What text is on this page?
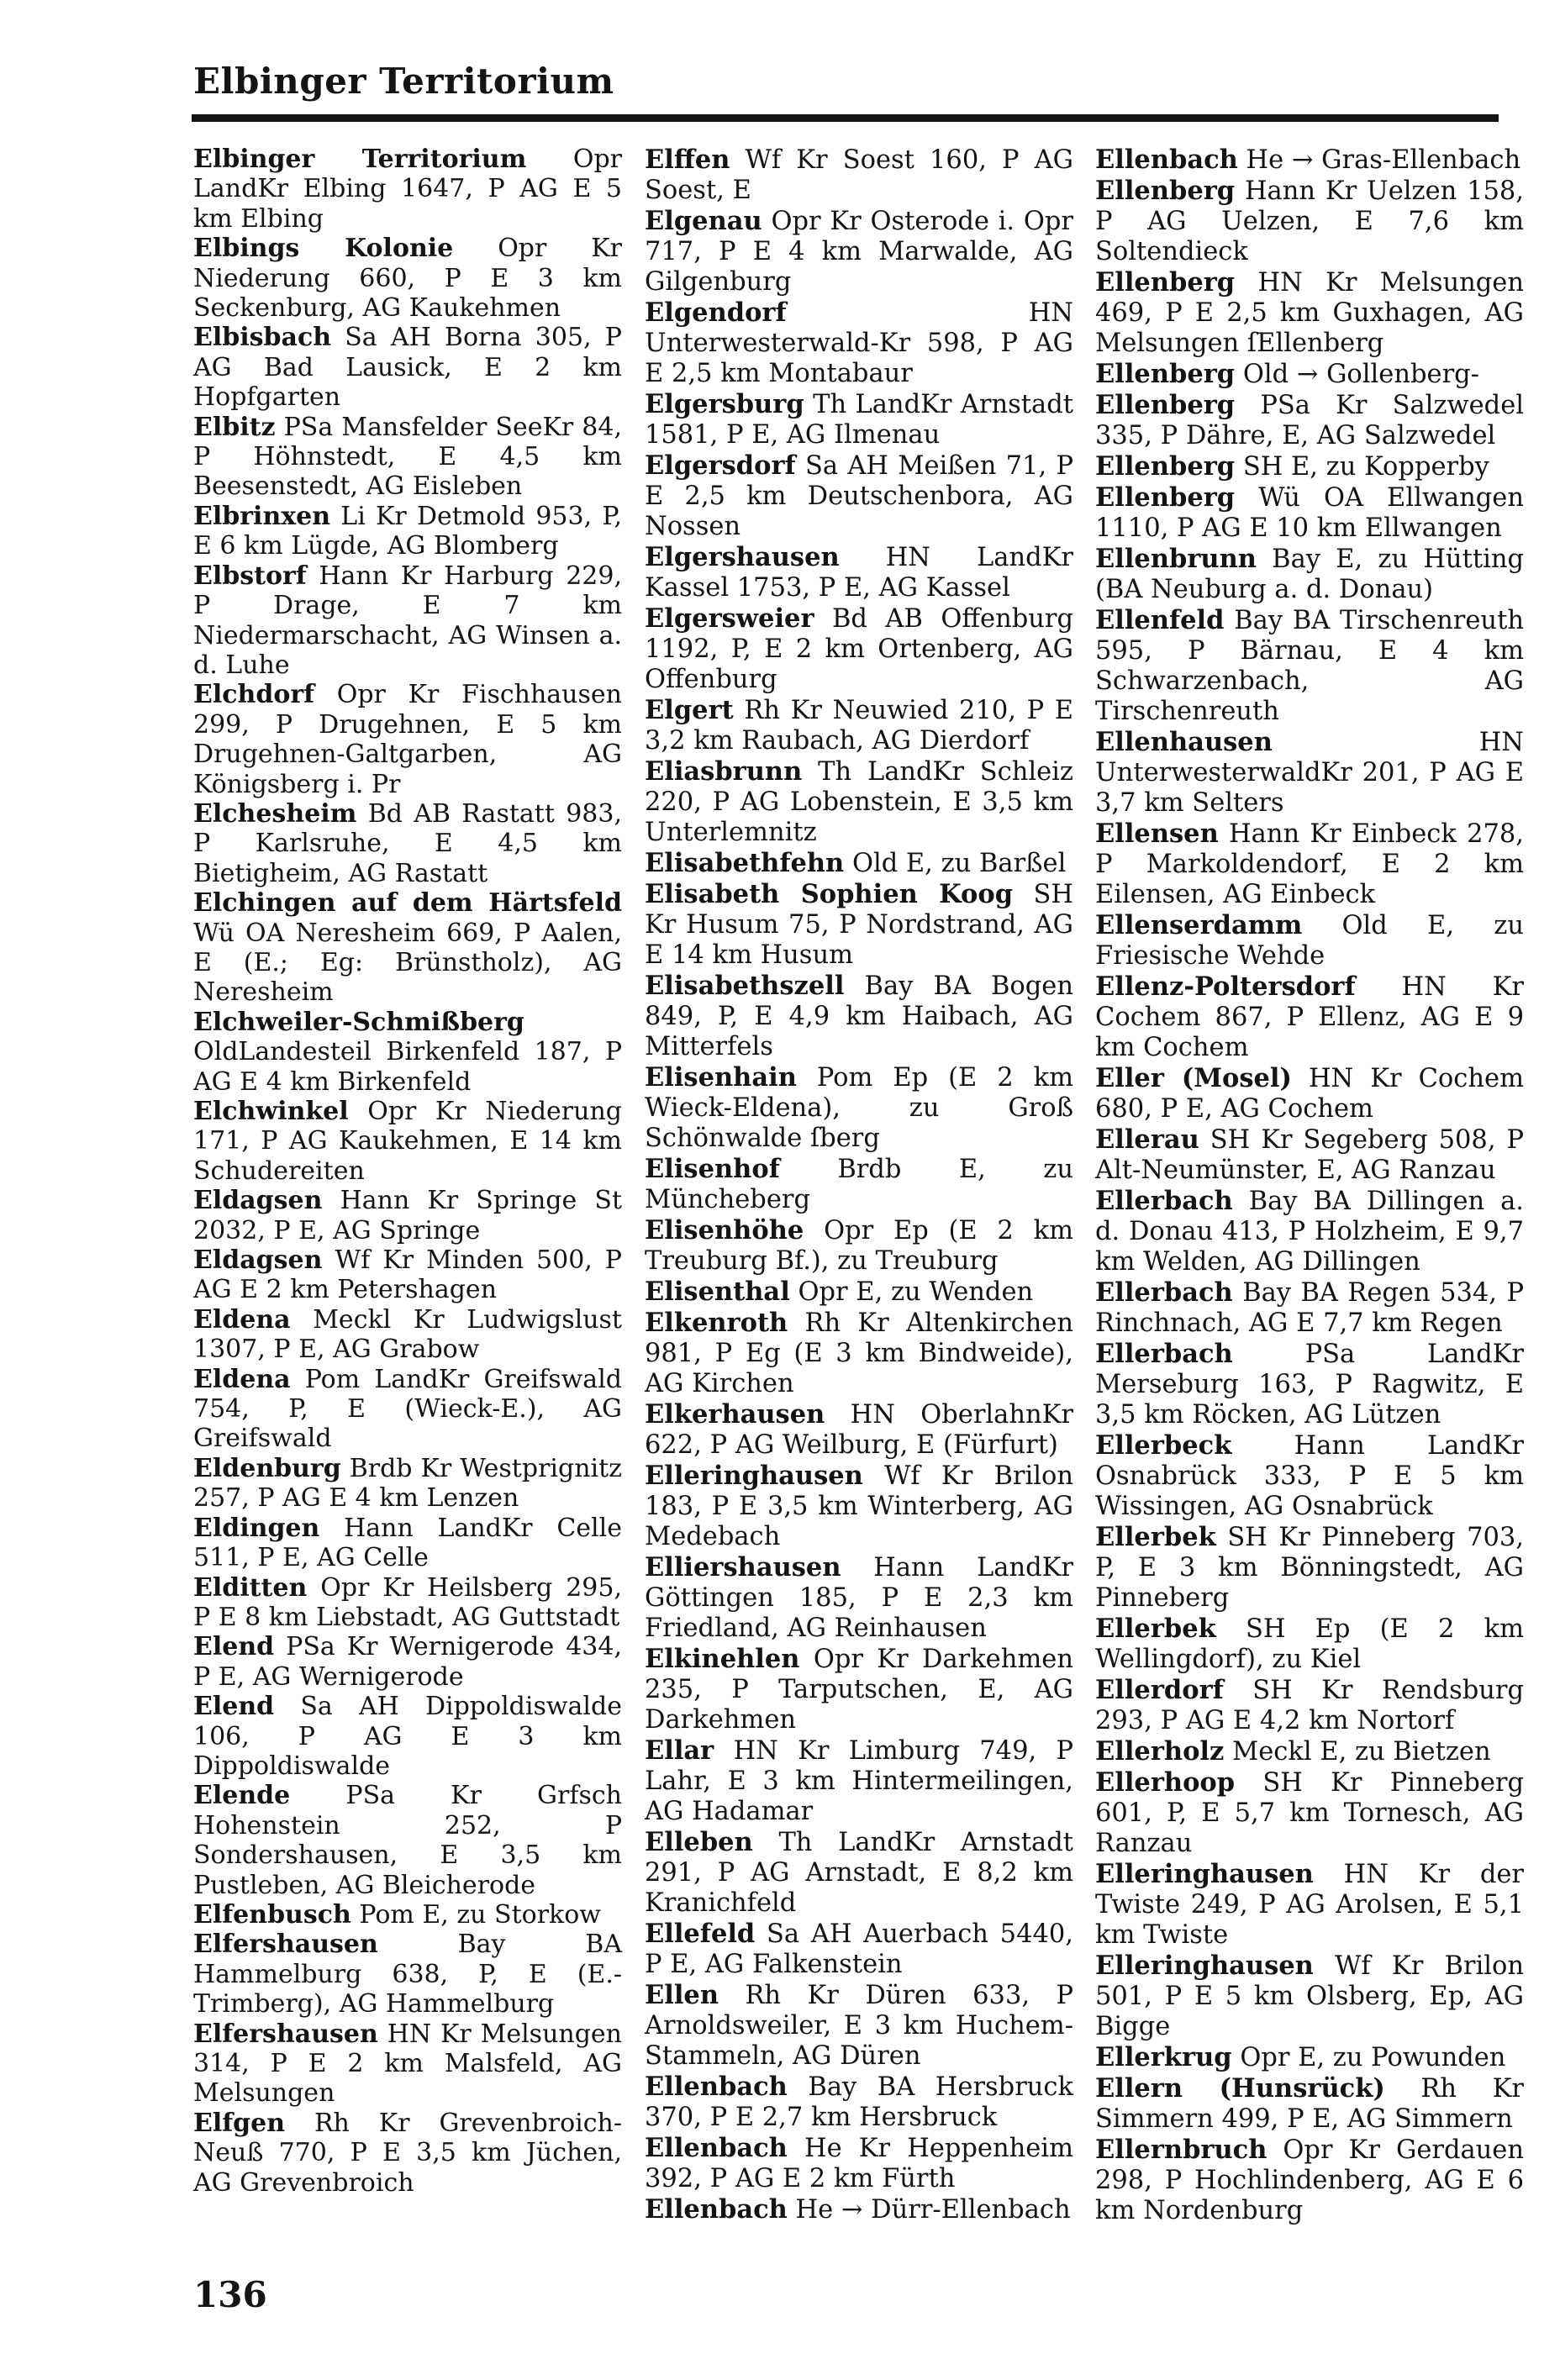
Elbinger Territorium

Elbinger Territorium Opr LandKr Elbing 1647, P AG E 5 km Elbing

Elbings Kolonie Opr Kr Niederung 660, P E 3 km Seckenburg, AG Kaukehmen

Elbisbach Sa AH Borna 305, P AG Bad Lausick, E 2 km Hopfgarten

Elbitz PSa Mansfelder SeeKr 84, P Höhnstedt, E 4,5 km Beesenstedt, AG Eisleben

Elbrinxen Li Kr Detmold 953, P, E 6 km Lügde, AG Blomberg

Elbstorf Hann Kr Harburg 229, P Drage, E 7 km Niedermarschacht, AG Winsen a. d. Luhe

Elchdorf Opr Kr Fischhausen 299, P Drugehnen, E 5 km Drugehnen-Galtgarben, AG Königsberg i. Pr

Elchesheim Bd AB Rastatt 983, P Karlsruhe, E 4,5 km Bietigheim, AG Rastatt

Elchingen auf dem Härtsfeld Wü OA Neresheim 669, P Aalen, E (E.; Eg: Brünstholz), AG Neresheim

Elchweiler-Schmißberg OldLandesteil Birkenfeld 187, P AG E 4 km Birkenfeld

Elchwinkel Opr Kr Niederung 171, P AG Kaukehmen, E 14 km Schudereiten

Eldagsen Hann Kr Springe St 2032, P E, AG Springe

Eldagsen Wf Kr Minden 500, P AG E 2 km Petershagen

Eldena Meckl Kr Ludwigslust 1307, P E, AG Grabow

Eldena Pom LandKr Greifswald 754, P, E (Wieck-E.), AG Greifswald

Eldenburg Brdb Kr Westprignitz 257, P AG E 4 km Lenzen

Eldingen Hann LandKr Celle 511, P E, AG Celle

Elditten Opr Kr Heilsberg 295, P E 8 km Liebstadt, AG Guttstadt

Elend PSa Kr Wernigerode 434, P E, AG Wernigerode

Elend Sa AH Dippoldiswalde 106, P AG E 3 km Dippoldiswalde

Elende PSa Kr Grfsch Hohenstein 252, P Sondershausen, E 3,5 km Pustleben, AG Bleicherode

Elfenbusch Pom E, zu Storkow

Elfershausen	Bay BA Hammelburg 638, P, E (E.-Trimberg), AG Hammelburg

Elfershausen HN Kr Melsungen 314, P E 2 km Malsfeld, AG Melsungen

Elfgen Rh Kr Grevenbroich-Neuß 770, P E 3,5 km Jüchen, AG Grevenbroich

Elffen Wf Kr Soest 160, P AG Soest, E

Elgenau Opr Kr Osterode i. Opr 717, P E 4 km Marwalde, AG Gilgenburg

Elgendorf	HN Unterwesterwald-Kr 598, P AG E 2,5 km Montabaur

Elgersburg Th LandKr Arnstadt 1581, P E, AG Ilmenau

Elgersdorf Sa AH Meißen 71, P E 2,5 km Deutschenbora, AG Nossen

Elgershausen HN LandKr Kassel 1753, P E, AG Kassel

Elgersweier Bd AB Offenburg 1192, P, E 2 km Ortenberg, AG Offenburg

Elgert Rh Kr Neuwied 210, P E 3,2 km Raubach, AG Dierdorf

Eliasbrunn Th LandKr Schleiz 220, P AG Lobenstein, E 3,5 km Unterlemnitz

Elisabethfehn Old E, zu Barßel

Elisabeth Sophien Koog SH Kr Husum 75, P Nordstrand, AG E 14 km Husum

Elisabethszell Bay BA Bogen 849, P, E 4,9 km Haibach, AG Mitterfels

Elisenhain Pom Ep (E 2 km Wieck-Eldena), zu Groß Schönwalde ſberg

Elisenhof Brdb E, zu Müncheberg

Elisenhöhe Opr Ep (E 2 km Treuburg Bf.), zu Treuburg

Elisenthal Opr E, zu Wenden

Elkenroth Rh Kr Altenkirchen 981, P Eg (E 3 km Bindweide), AG Kirchen

Elkerhausen HN OberlahnKr 622, P AG Weilburg, E (Fürfurt)

Elleringhausen Wf Kr Brilon 183, P E 3,5 km Winterberg, AG Medebach

Elliershausen Hann LandKr Göttingen 185, P E 2,3 km Friedland, AG Reinhausen

Elkinehlen Opr Kr Darkehmen 235, P Tarputschen, E, AG Darkehmen

Ellar HN Kr Limburg 749, P Lahr, E 3 km Hintermeilingen, AG Hadamar

Elleben Th LandKr Arnstadt 291, P AG Arnstadt, E 8,2 km Kranichfeld

Ellefeld Sa AH Auerbach 5440, P E, AG Falkenstein

Ellen Rh Kr Düren 633, P Arnoldsweiler, E 3 km Huchem-Stammeln, AG Düren

Ellenbach Bay BA Hersbruck 370, P E 2,7 km Hersbruck

Ellenbach He Kr Heppenheim 392, P AG E 2 km Fürth

Ellenbach He → Dürr-Ellenbach

Ellenbach He → Gras-Ellenbach

Ellenberg Hann Kr Uelzen 158, P AG Uelzen, E 7,6 km Soltendieck

Ellenberg HN Kr Melsungen 469, P E 2,5 km Guxhagen, AG Melsungen ſEllenberg

Ellenberg Old → Gollenberg-

Ellenberg PSa Kr Salzwedel 335, P Dähre, E, AG Salzwedel

Ellenberg SH E, zu Kopperby

Ellenberg Wü OA Ellwangen 1110, P AG E 10 km Ellwangen

Ellenbrunn Bay E, zu Hütting (BA Neuburg a. d. Donau)

Ellenfeld Bay BA Tirschenreuth 595, P Bärnau, E 4 km Schwarzenbach, AG Tirschenreuth

Ellenhausen	HN UnterwesterwaldKr 201, P AG E 3,7 km Selters

Ellensen Hann Kr Einbeck 278, P Markoldendorf, E 2 km Eilensen, AG Einbeck

Ellenserdamm Old E, zu Friesische Wehde

Ellenz-Poltersdorf HN Kr Cochem 867, P Ellenz, AG E 9 km Cochem

Eller (Mosel) HN Kr Cochem 680, P E, AG Cochem

Ellerau SH Kr Segeberg 508, P Alt-Neumünster, E, AG Ranzau

Ellerbach Bay BA Dillingen a. d. Donau 413, P Holzheim, E 9,7 km Welden, AG Dillingen

Ellerbach Bay BA Regen 534, P Rinchnach, AG E 7,7 km Regen

Ellerbach	PSa LandKr Merseburg 163, P Ragwitz, E 3,5 km Röcken, AG Lützen

Ellerbeck Hann LandKr Osnabrück 333, P E 5 km Wissingen, AG Osnabrück

Ellerbek SH Kr Pinneberg 703, P, E 3 km Bönningstedt, AG Pinneberg

Ellerbek SH Ep (E 2 km Wellingdorf), zu Kiel

Ellerdorf SH Kr Rendsburg 293, P AG E 4,2 km Nortorf

Ellerholz Meckl E, zu Bietzen

Ellerhoop SH Kr Pinneberg 601, P, E 5,7 km Tornesch, AG Ranzau

Elleringhausen HN Kr der Twiste 249, P AG Arolsen, E 5,1 km Twiste

Elleringhausen Wf Kr Brilon 501, P E 5 km Olsberg, Ep, AG Bigge

Ellerkrug Opr E, zu Powunden

Ellern (Hunsrück) Rh Kr Simmern 499, P E, AG Simmern

Ellernbruch Opr Kr Gerdauen 298, P Hochlindenberg, AG E 6 km Nordenburg

136
